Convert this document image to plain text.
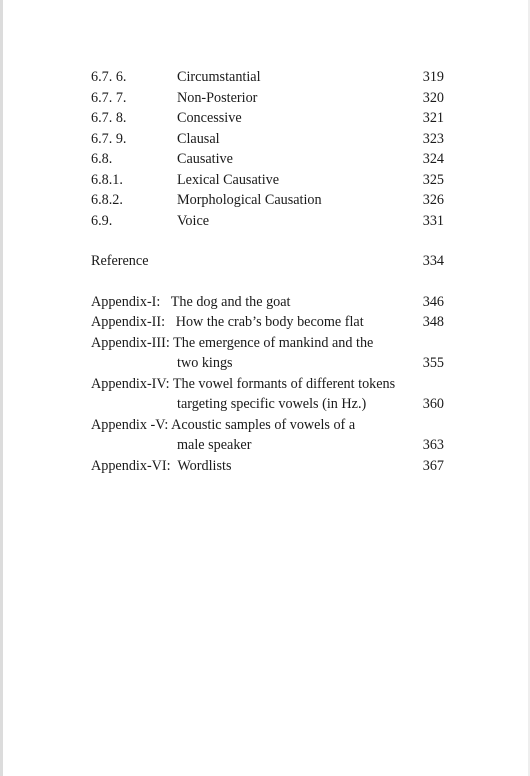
6.7. 6.	Circumstantial	319
6.7. 7.	Non-Posterior	320
6.7. 8.	Concessive	321
6.7. 9.	Clausal	323
6.8.	Causative	324
6.8.1.	Lexical Causative	325
6.8.2.	Morphological Causation	326
6.9.	Voice	331
Reference	334
Appendix-I:   The dog and the goat	346
Appendix-II:   How the crab’s body become flat	348
Appendix-III: The emergence of mankind and the
two kings	355
Appendix-IV: The vowel formants of different tokens
targeting specific vowels (in Hz.)	360
Appendix -V: Acoustic samples of vowels of a
male speaker	363
Appendix-VI:  Wordlists	367
